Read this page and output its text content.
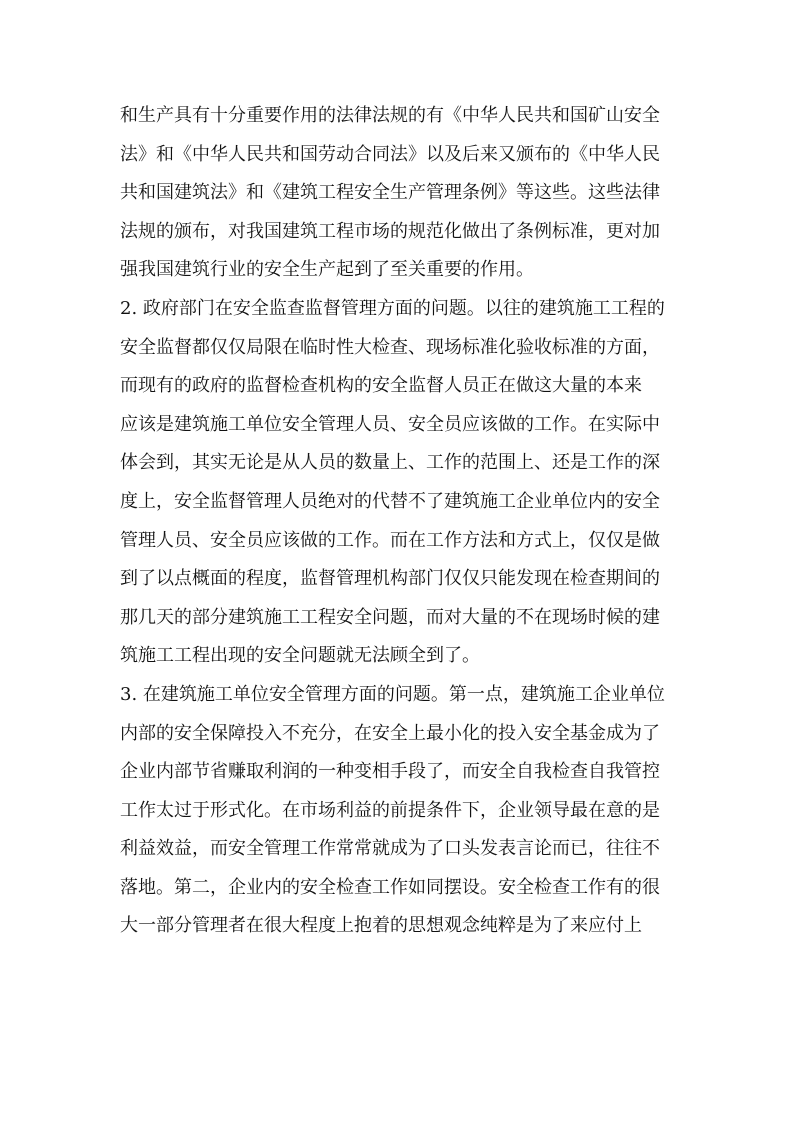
和生产具有十分重要作用的法律法规的有《中华人民共和国矿山安全
法》和《中华人民共和国劳动合同法》以及后来又颁布的《中华人民
共和国建筑法》和《建筑工程安全生产管理条例》等这些。这些法律
法规的颁布，对我国建筑工程市场的规范化做出了条例标准，更对加
强我国建筑行业的安全生产起到了至关重要的作用。
2. 政府部门在安全监查监督管理方面的问题。以往的建筑施工工程的
安全监督都仅仅局限在临时性大检查、现场标准化验收标准的方面，
而现有的政府的监督检查机构的安全监督人员正在做这大量的本来
应该是建筑施工单位安全管理人员、安全员应该做的工作。在实际中
体会到，其实无论是从人员的数量上、工作的范围上、还是工作的深
度上，安全监督管理人员绝对的代替不了建筑施工企业单位内的安全
管理人员、安全员应该做的工作。而在工作方法和方式上，仅仅是做
到了以点概面的程度，监督管理机构部门仅仅只能发现在检查期间的
那几天的部分建筑施工工程安全问题，而对大量的不在现场时候的建
筑施工工程出现的安全问题就无法顾全到了。
3. 在建筑施工单位安全管理方面的问题。第一点，建筑施工企业单位
内部的安全保障投入不充分，在安全上最小化的投入安全基金成为了
企业内部节省赚取利润的一种变相手段了，而安全自我检查自我管控
工作太过于形式化。在市场利益的前提条件下，企业领导最在意的是
利益效益，而安全管理工作常常就成为了口头发表言论而已，往往不
落地。第二，企业内的安全检查工作如同摆设。安全检查工作有的很
大一部分管理者在很大程度上抱着的思想观念纯粹是为了来应付上
